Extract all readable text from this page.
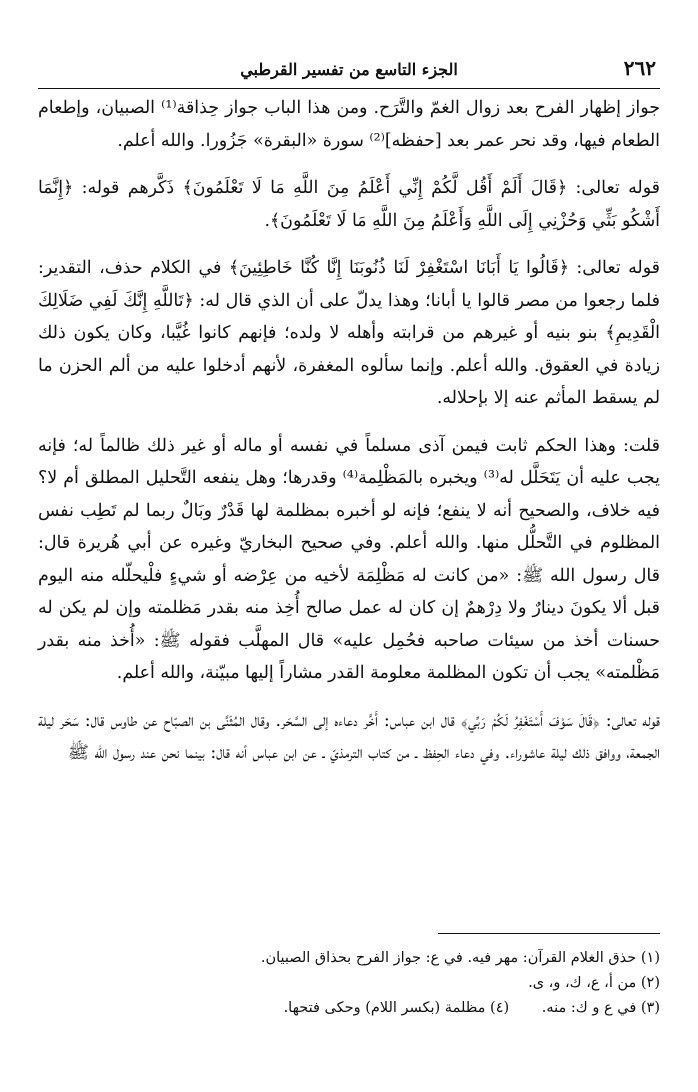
٢٦٢
الجزء التاسع من تفسير القرطبي

جواز إظهار الفرح بعد زوال الغمّ والتَّرَح. ومن هذا الباب جواز حِذاقة⁽¹⁾ الصبيان، وإطعام الطعام فيها، وقد نحر عمر بعد [حفظه]⁽²⁾ سورة «البقرة» جَزُورا. والله أعلم.

قوله تعالى: ﴿قَالَ أَلَمْ أَقُل لَّكُمْ إِنِّي أَعْلَمُ مِنَ اللَّهِ مَا لَا تَعْلَمُونَ﴾ ذَكَّرهم قوله: ﴿إِنَّمَا أَشْكُو بَثِّي وَحُزْنِي إِلَى اللَّهِ وَأَعْلَمُ مِنَ اللَّهِ مَا لَا تَعْلَمُونَ﴾.

قوله تعالى: ﴿قَالُوا يَا أَبَانَا اسْتَغْفِرْ لَنَا ذُنُوبَنَا إِنَّا كُنَّا خَاطِئِينَ﴾ في الكلام حذف، التقدير: فلما رجعوا من مصر قالوا يا أبانا؛ وهذا يدلّ على أن الذي قال له: ﴿تَاللَّهِ إِنَّكَ لَفِي ضَلَالِكَ الْقَدِيمِ﴾ بنو بنيه أو غيرهم من قرابته وأهله لا ولده؛ فإنهم كانوا غُيَّبا، وكان يكون ذلك زيادة في العقوق. والله أعلم. وإنما سألوه المغفرة، لأنهم أدخلوا عليه من ألم الحزن ما لم يسقط المأثم عنه إلا بإحلاله.

قلت: وهذا الحكم ثابت فيمن آذى مسلماً في نفسه أو ماله أو غير ذلك ظالماً له؛ فإنه يجب عليه أن يَتَحَلَّل له⁽³⁾ ويخبره بالمَظْلِمة⁽⁴⁾ وقدرها؛ وهل ينفعه التَّحليل المطلق أم لا؟ فيه خلاف، والصحيح أنه لا ينفع؛ فإنه لو أخبره بمظلمة لها قَدْرٌ وبَالٌ ربما لم تَطِب نفس المظلوم في التَّحلُّل منها. والله أعلم. وفي صحيح البخاريّ وغيره عن أبي هُريرة قال: قال رسول الله ﷺ: «من كانت له مَظْلِمَة لأخيه من عِرْضه أو شيءٍ فلْيحلّله منه اليوم قبل ألا يكونَ دينارٌ ولا دِرْهمٌ إن كان له عمل صالح أُخِذ منه بقدر مَظلمته وإن لم يكن له حسنات أخذ من سيئات صاحبه فحُمِل عليه» قال المهلَّب فقوله ﷺ: «أُخذ منه بقدر مَظْلمته» يجب أن تكون المظلمة معلومة القدر مشاراً إليها مبيّنة، والله أعلم.

قوله تعالى: ﴿قَالَ سَوْفَ أَسْتَغْفِرُ لَكُمْ رَبِّي﴾ قال ابن عباس: أَخَّر دعاءه إلى السَّحَر. وقال المُثَنَّى بن الصبّاح عن طاوس قال: سَحَر ليلة الجمعة، ووافق ذلك ليلة عاشوراء. وفي دعاء الحِفظ ـ من كتاب الترمذيّ ـ عن ابن عباس أنه قال: بينما نحن عند رسول الله ﷺ

(١) حذق الغلام القرآن: مهر فيه. في ع: جواز الفرح بحذاق الصبيان.

(٢) من أ، ع، ك، و، ى.

(٣) في ع و ك: منه. (٤) مظلمة (بكسر اللام) وحكى فتحها.
